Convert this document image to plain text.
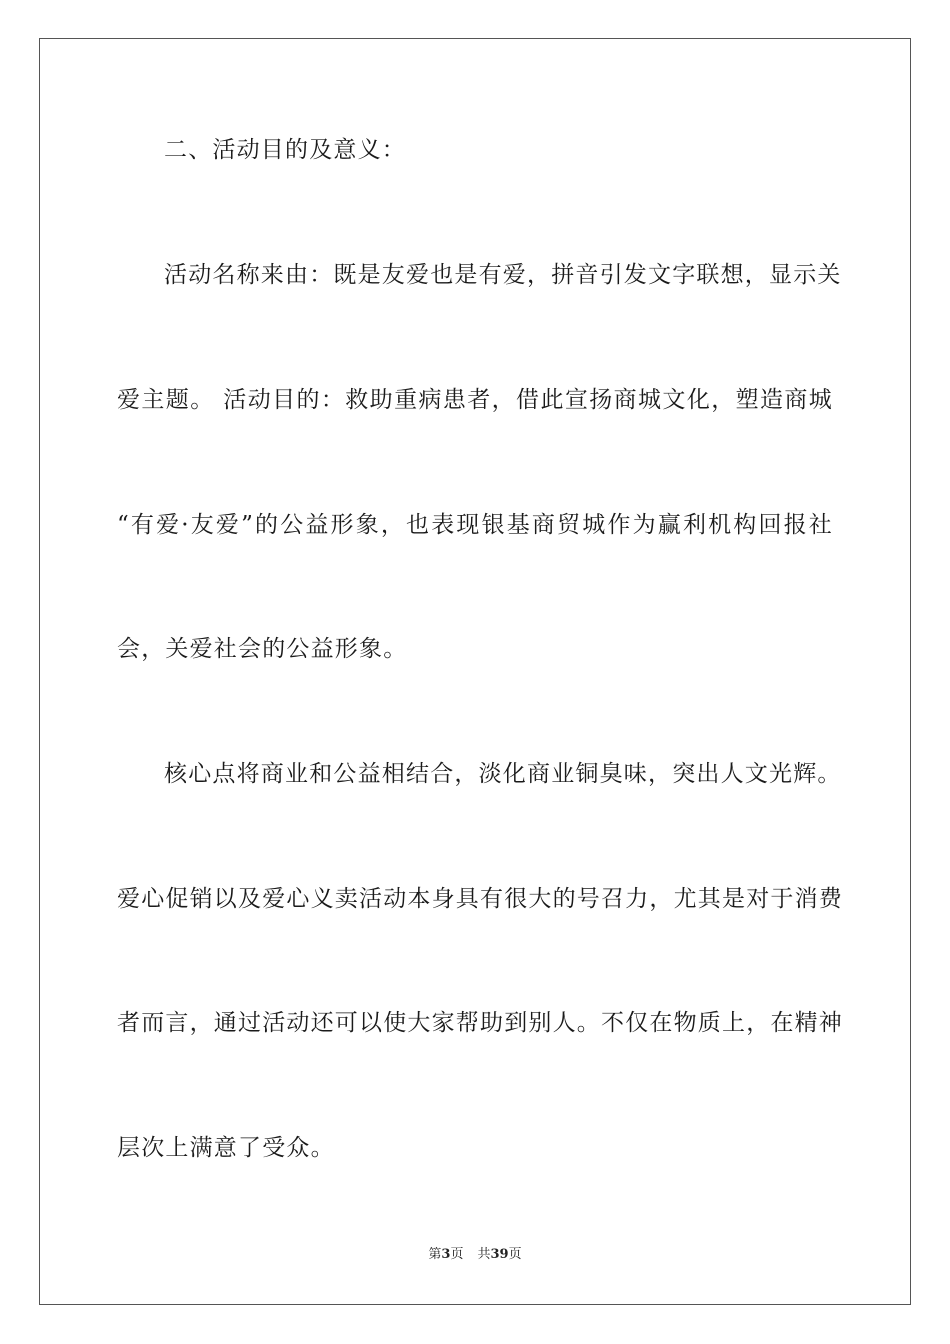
二、活动目的及意义：
活动名称来由：既是友爱也是有爱，拼音引发文字联想，显示关
爱主题。 活动目的：救助重病患者，借此宣扬商城文化，塑造商城
“有爱·友爱”的公益形象，也表现银基商贸城作为赢利机构回报社
会，关爱社会的公益形象。
核心点将商业和公益相结合，淡化商业铜臭味，突出人文光辉。
爱心促销以及爱心义卖活动本身具有很大的号召力，尤其是对于消费
者而言，通过活动还可以使大家帮助到别人。不仅在物质上，在精神
层次上满意了受众。
第3页 共39页
